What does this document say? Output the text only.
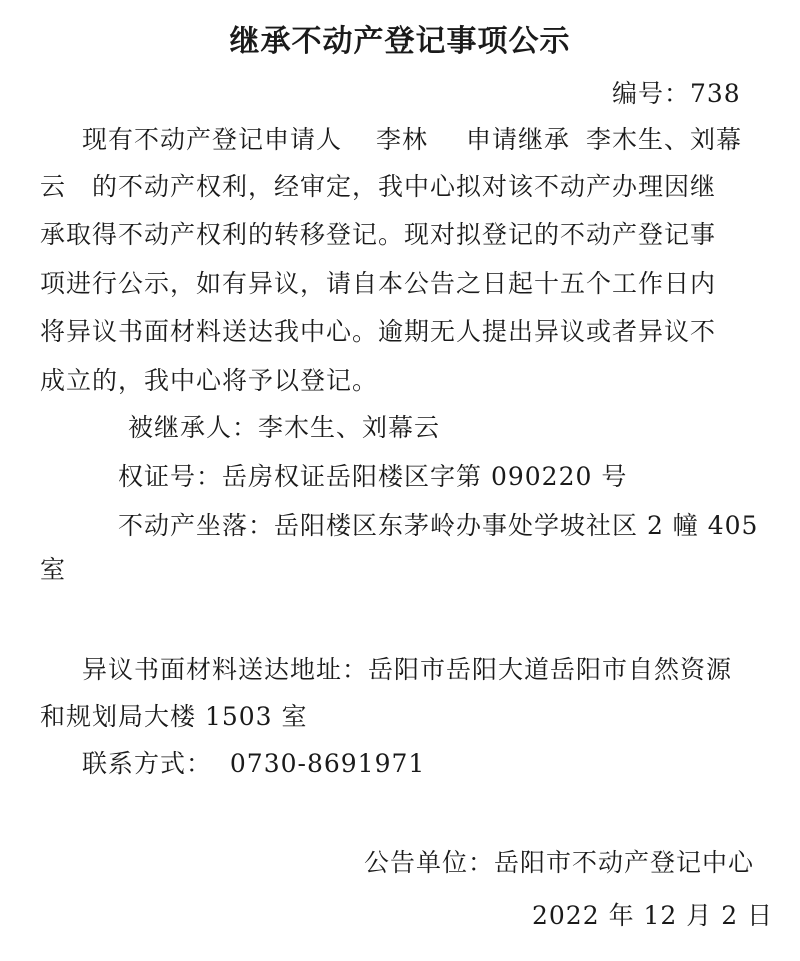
继承不动产登记事项公示
编号：738
现有不动产登记申请人 李林 申请继承 李木生、刘幕
云 的不动产权利，经审定，我中心拟对该不动产办理因继
承取得不动产权利的转移登记。现对拟登记的不动产登记事
项进行公示，如有异议，请自本公告之日起十五个工作日内
将异议书面材料送达我中心。逾期无人提出异议或者异议不
成立的，我中心将予以登记。
被继承人：李木生、刘幕云
权证号：岳房权证岳阳楼区字第 090220 号
不动产坐落：岳阳楼区东茅岭办事处学坡社区 2 幢 405
室
异议书面材料送达地址：岳阳市岳阳大道岳阳市自然资源
和规划局大楼 1503 室
联系方式：  0730-8691971
公告单位：岳阳市不动产登记中心
2022 年 12 月 2 日
